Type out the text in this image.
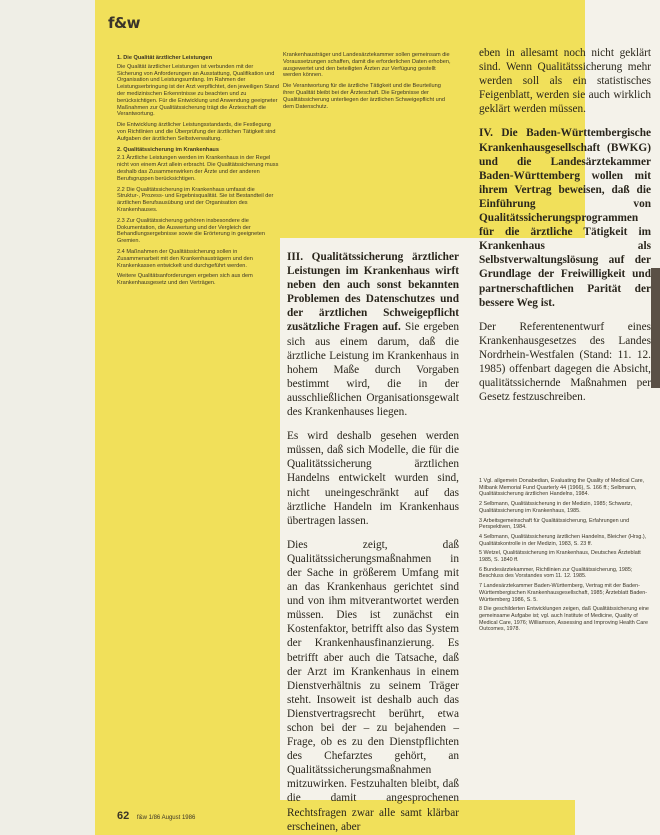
f&w

1. Die Qualität ärztlicher Leistungen

Die Qualität ärztlicher Leistungen ist verbunden mit der Sicherung von Anforderungen an Ausstattung, Qualifikation und Organisation und Leistungsumfang. Im Rahmen der Leistungserbringung ist der Arzt verpflichtet, den jeweiligen Stand der medizinischen Erkenntnisse zu beachten und zu berücksichtigen. Für die Entwicklung und Anwendung geeigneter Maßnahmen zur Qualitätssicherung trägt die Ärzteschaft die Verantwortung.

Die Entwicklung ärztlicher Leistungsstandards, die Festlegung von Richtlinien und die Überprüfung der ärztlichen Tätigkeit sind Aufgaben der ärztlichen Selbstverwaltung.

2. Qualitätssicherung im Krankenhaus

2.1 Ärztliche Leistungen werden im Krankenhaus in der Regel nicht von einem Arzt allein erbracht. Die Qualitätssicherung muss deshalb das Zusammenwirken der Ärzte und der anderen Berufsgruppen berücksichtigen.

2.2 Die Qualitätssicherung im Krankenhaus umfasst die Struktur-, Prozess- und Ergebnisqualität. Sie ist Bestandteil der ärztlichen Berufsausübung und der Organisation des Krankenhauses.

2.3 Zur Qualitätssicherung gehören insbesondere die Dokumentation, die Auswertung und der Vergleich der Behandlungsergebnisse sowie die Erörterung in geeigneten Gremien.

2.4 Maßnahmen der Qualitätssicherung sollen in Zusammenarbeit mit den Krankenhausträgern und den Krankenkassen entwickelt und durchgeführt werden.

Weitere Qualitätsanforderungen ergeben sich aus dem Krankenhausgesetz und den Verträgen.

Krankenhausträger und Landesärztekammer sollen gemeinsam die Voraussetzungen schaffen, damit die erforderlichen Daten erhoben, ausgewertet und den beteiligten Ärzten zur Verfügung gestellt werden können.

Die Verantwortung für die ärztliche Tätigkeit und die Beurteilung ihrer Qualität bleibt bei der Ärzteschaft. Die Ergebnisse der Qualitätssicherung unterliegen der ärztlichen Schweigepflicht und dem Datenschutz.

III. Qualitätssicherung ärztlicher Leistungen im Krankenhaus wirft neben den auch sonst bekannten Problemen des Datenschutzes und der ärztlichen Schweigepflicht zusätzliche Fragen auf. Sie ergeben sich aus einem darum, daß die ärztliche Leistung im Krankenhaus in hohem Maße durch Vorgaben bestimmt wird, die in der ausschließlichen Organisationsgewalt des Krankenhauses liegen.

Es wird deshalb gesehen werden müssen, daß sich Modelle, die für die Qualitätssicherung ärztlichen Handelns entwickelt wurden sind, nicht uneingeschränkt auf das ärztliche Handeln im Krankenhaus übertragen lassen.

Dies zeigt, daß Qualitätssicherungsmaßnahmen in der Sache in größerem Umfang mit an das Krankenhaus gerichtet sind und von ihm mitverantwortet werden müssen. Dies ist zunächst ein Kostenfaktor, betrifft also das System der Krankenhausfinanzierung. Es betrifft aber auch die Tatsache, daß der Arzt im Krankenhaus in einem Dienstverhältnis zu seinem Träger steht. Insoweit ist deshalb auch das Dienstvertragsrecht berührt, etwa schon bei der – zu bejahenden – Frage, ob es zu den Dienstpflichten des Chefarztes gehört, an Qualitätssicherungsmaßnahmen mitzuwirken. Festzuhalten bleibt, daß die damit angesprochenen Rechtsfragen zwar alle samt klärbar erscheinen, aber

eben in allesamt noch nicht geklärt sind. Wenn Qualitätssicherung mehr werden soll als ein statistisches Feigenblatt, werden sie auch wirklich geklärt werden müssen.

IV. Die Baden-Württembergische Krankenhausgesellschaft (BWKG) und die Landesärztekammer Baden-Württemberg wollen mit ihrem Vertrag beweisen, daß die Einführung von Qualitätssicherungsprogrammen für die ärztliche Tätigkeit im Krankenhaus als Selbstverwaltungslösung auf der Grundlage der Freiwilligkeit und partnerschaftlichen Parität der bessere Weg ist.

Der Referentenentwurf eines Krankenhausgesetzes des Landes Nordrhein-Westfalen (Stand: 11. 12. 1985) offenbart dagegen die Absicht, qualitätssichernde Maßnahmen per Gesetz festzuschreiben.

1 Vgl. allgemein Donabedian, Evaluating the Quality of Medical Care, Milbank Memorial Fund Quarterly 44 (1966), S. 166 ff.; Selbmann, Qualitätssicherung ärztlichen Handelns, 1984.

2 Selbmann, Qualitätssicherung in der Medizin, 1985; Schwartz, Qualitätssicherung im Krankenhaus, 1985.

3 Arbeitsgemeinschaft für Qualitätssicherung, Erfahrungen und Perspektiven, 1984.

4 Selbmann, Qualitätssicherung ärztlichen Handelns, Bleicher (Hrsg.), Qualitätskontrolle in der Medizin, 1983, S. 23 ff.

5 Wetzel, Qualitätssicherung im Krankenhaus, Deutsches Ärzteblatt 1985, S. 1840 ff.

6 Bundesärztekammer, Richtlinien zur Qualitätssicherung, 1985; Beschluss des Vorstandes vom 11. 12. 1985.

7 Landesärztekammer Baden-Württemberg, Vertrag mit der Baden-Württembergischen Krankenhausgesellschaft, 1985; Ärzteblatt Baden-Württemberg 1986, S. 5.

8 Die geschilderten Entwicklungen zeigen, daß Qualitätssicherung eine gemeinsame Aufgabe ist; vgl. auch Institute of Medicine, Quality of Medical Care, 1976; Williamson, Assessing and Improving Health Care Outcomes, 1978.

62 f&w 1/86 August 1986
